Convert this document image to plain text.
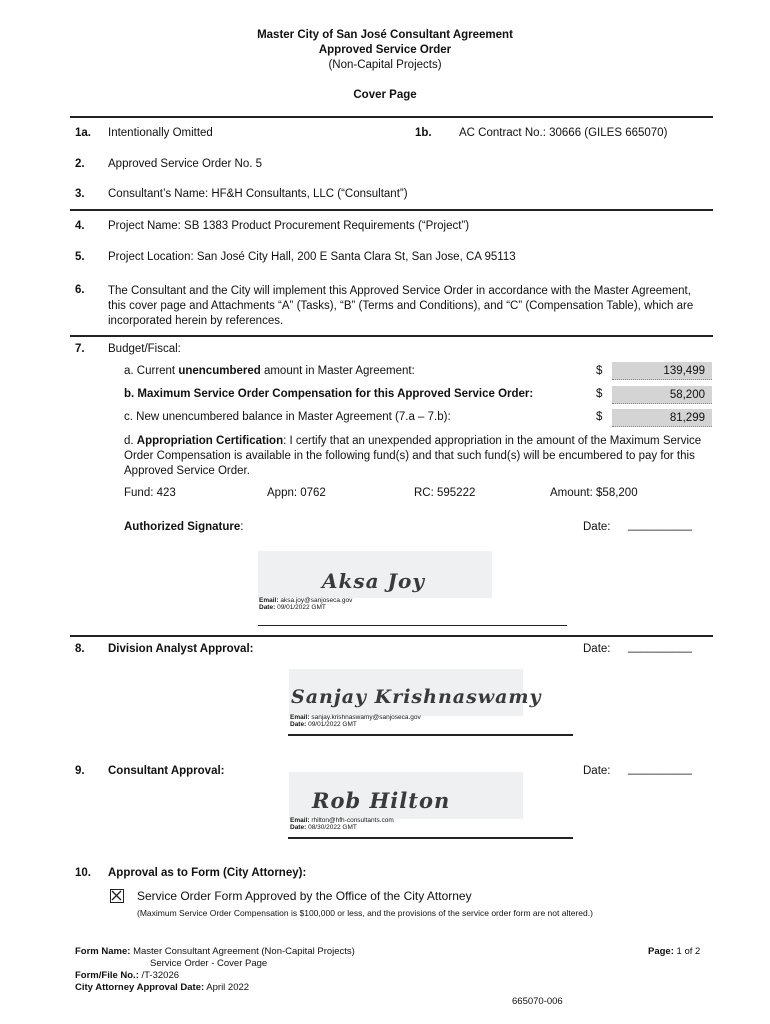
Master City of San José Consultant Agreement
Approved Service Order
(Non-Capital Projects)
Cover Page
1a. Intentionally Omitted	1b. AC Contract No.: 30666 (GILES 665070)
2. Approved Service Order No. 5
3. Consultant’s Name: HF&H Consultants, LLC (“Consultant”)
4. Project Name: SB 1383 Product Procurement Requirements (“Project”)
5. Project Location: San José City Hall, 200 E Santa Clara St, San Jose, CA 95113
6. The Consultant and the City will implement this Approved Service Order in accordance with the Master Agreement, this cover page and Attachments “A” (Tasks), “B” (Terms and Conditions), and “C” (Compensation Table), which are incorporated herein by references.
7. Budget/Fiscal:
a. Current unencumbered amount in Master Agreement:	$	139,499
b. Maximum Service Order Compensation for this Approved Service Order:	$	58,200
c. New unencumbered balance in Master Agreement (7.a – 7.b):	$	81,299
d. Appropriation Certification: I certify that an unexpended appropriation in the amount of the Maximum Service Order Compensation is available in the following fund(s) and that such fund(s) will be encumbered to pay for this Approved Service Order.
Fund: 423	Appn: 0762	RC: 595222	Amount: $58,200
Authorized Signature:	Date: __________
Aksa Joy
Email: aksa.joy@sanjoseca.gov
Date: 09/01/2022 GMT
8. Division Analyst Approval:	Date: __________
Sanjay Krishnaswamy
Email: sanjay.krishnaswamy@sanjoseca.gov
Date: 09/01/2022 GMT
9. Consultant Approval:	Date: __________
Rob Hilton
Email: rhilton@hfh-consultants.com
Date: 08/30/2022 GMT
10. Approval as to Form (City Attorney):
Service Order Form Approved by the Office of the City Attorney
(Maximum Service Order Compensation is $100,000 or less, and the provisions of the service order form are not altered.)
Form Name: Master Consultant Agreement (Non-Capital Projects)
Service Order - Cover Page
Form/File No.: /T-32026
City Attorney Approval Date: April 2022
Page: 1 of 2
665070-006
